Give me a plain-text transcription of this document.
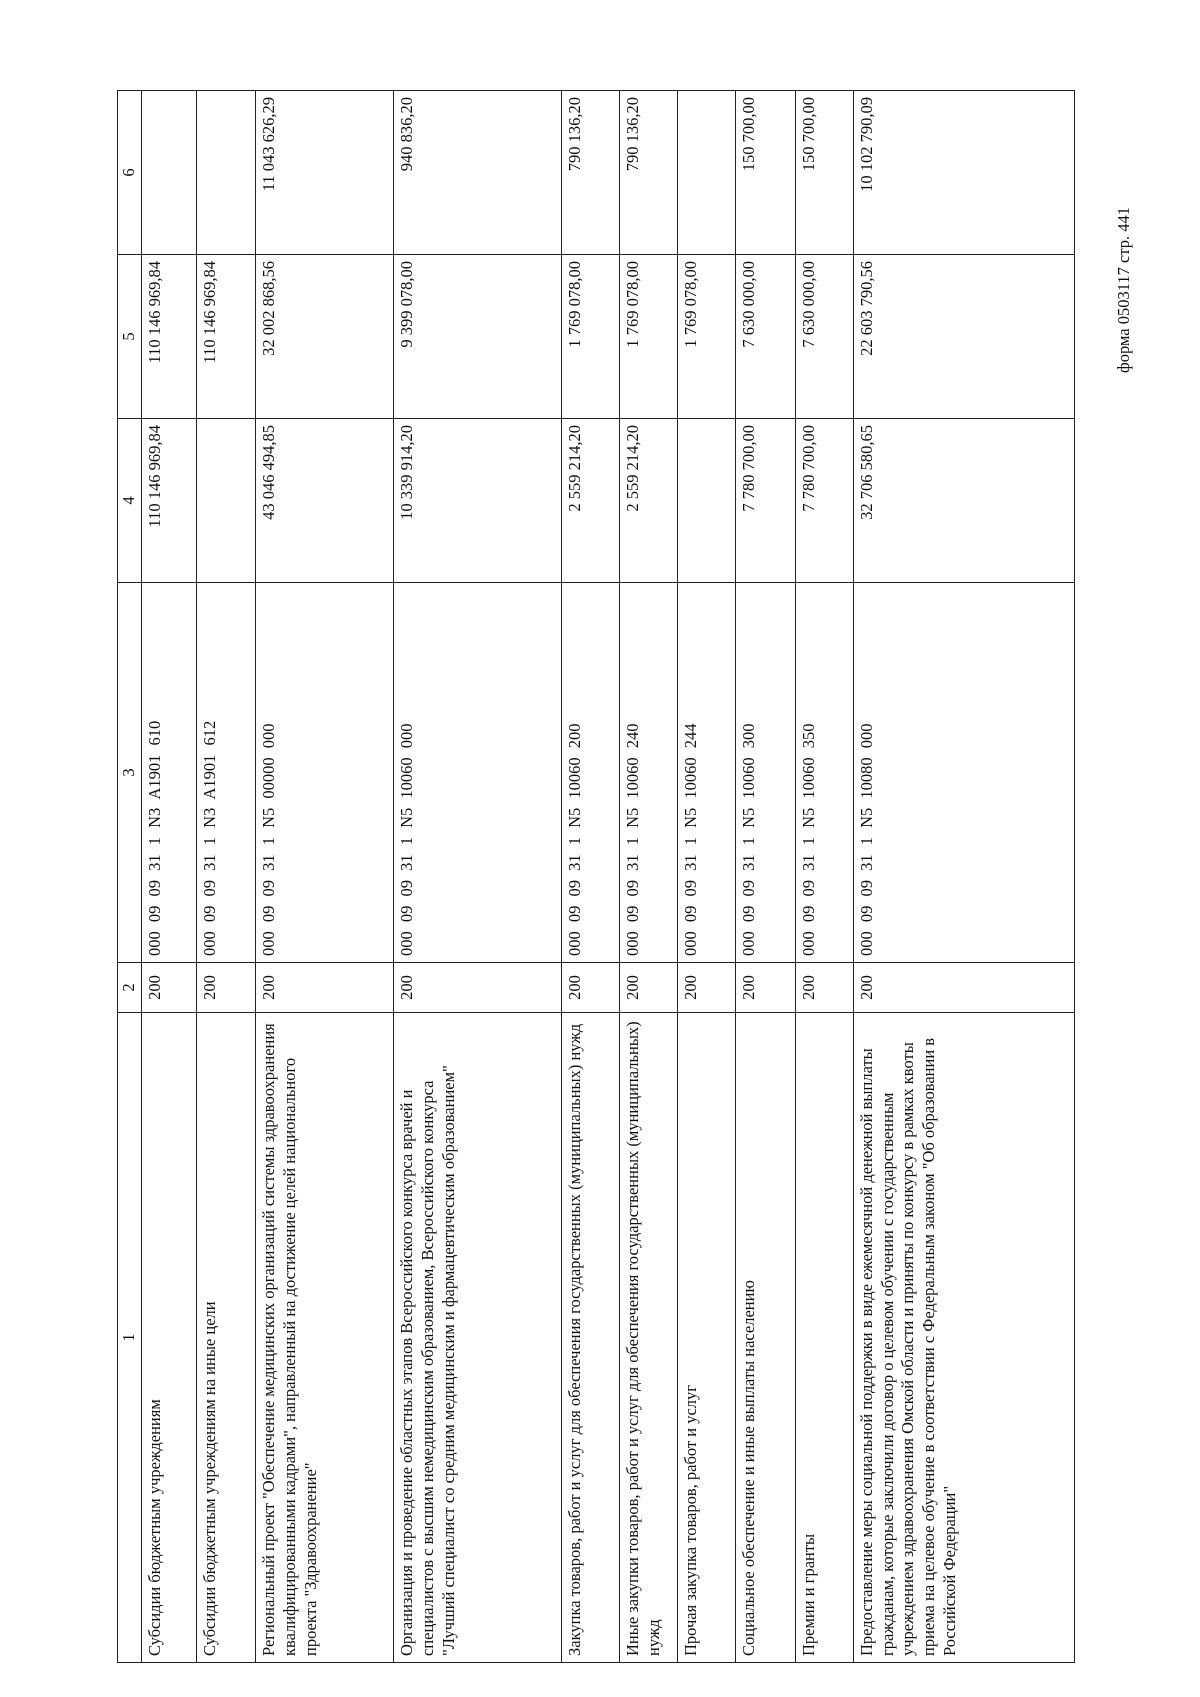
форма 0503117 стр. 441
1	2	3	4	5	6
Субсидии бюджетным учреждениям	200	000 09 09 31 1 N3 A1901 610	110 146 969,84	110 146 969,84	
Субсидии бюджетным учреждениям на иные цели	200	000 09 09 31 1 N3 A1901 612		110 146 969,84	
Региональный проект "Обеспечение медицинских организаций системы здравоохранения квалифицированными кадрами", направленный на достижение целей национального проекта "Здравоохранение"	200	000 09 09 31 1 N5 00000 000	43 046 494,85	32 002 868,56	11 043 626,29
Организация и проведение областных этапов Всероссийского конкурса врачей и специалистов с высшим немедицинским образованием, Всероссийского конкурса "Лучший специалист со средним медицинским и фармацевтическим образованием"	200	000 09 09 31 1 N5 10060 000	10 339 914,20	9 399 078,00	940 836,20
Закупка товаров, работ и услуг для обеспечения государственных (муниципальных) нужд	200	000 09 09 31 1 N5 10060 200	2 559 214,20	1 769 078,00	790 136,20
Иные закупки товаров, работ и услуг для обеспечения государственных (муниципальных) нужд	200	000 09 09 31 1 N5 10060 240	2 559 214,20	1 769 078,00	790 136,20
Прочая закупка товаров, работ и услуг	200	000 09 09 31 1 N5 10060 244		1 769 078,00	
Социальное обеспечение и иные выплаты населению	200	000 09 09 31 1 N5 10060 300	7 780 700,00	7 630 000,00	150 700,00
Премии и гранты	200	000 09 09 31 1 N5 10060 350	7 780 700,00	7 630 000,00	150 700,00
Предоставление меры социальной поддержки в виде ежемесячной денежной выплаты гражданам, которые заключили договор о целевом обучении с государственным учреждением здравоохранения Омской области и приняты по конкурсу в рамках квоты приема на целевое обучение в соответствии с Федеральным законом "Об образовании в Российской Федерации"	200	000 09 09 31 1 N5 10080 000	32 706 580,65	22 603 790,56	10 102 790,09
